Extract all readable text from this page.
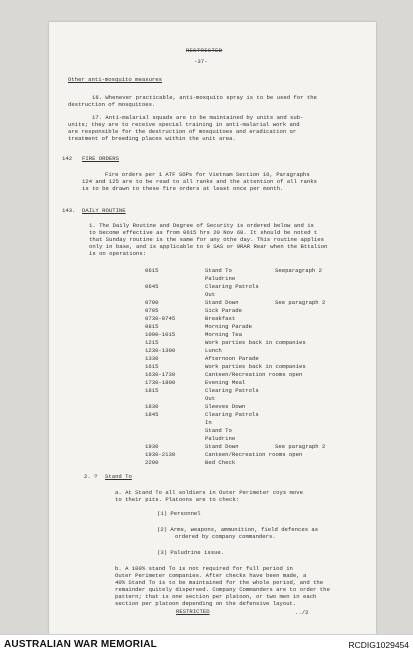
RESTRICTED
-37-
Other anti-mosquito measures
16. Whenever practicable, anti-mosquito spray is to be used for the
destruction of mosquitoes.
17. Anti-malarial squads are to be maintained by units and sub-
units; they are to receive special training in anti-malarial work and
are responsible for the destruction of mosquitoes and eradication or
treatment of breeding places within the unit area.
142 FIRE ORDERS
Fire orders per 1 ATF SOPs for Vietnam Section 10, Paragraphs
124 and 125 are to be read to all ranks and the attention of all ranks
is to be drawn to these fire orders at least once per month.
143. DAILY ROUTINE
1. The Daily Routine and Degree of Security is ordered below and is
to become effective as from 0615 hrs 20 Nov 68. It should be noted t
that Sunday routine is the same for any othe day. This routine applies
only in base, and is applicable to 9 SAS or 9RAR Rear when the Bttalion
is on operations:
0615	Stand To	Seeparagraph 2
Paludrine
0645	Clearing Patrols
Out
0700	Stand Down	See paragraph 2
0705	Sick Parade
0730-0745	Breakfast
0815	Morning Parade
1000-1015	Morning Tea
1215	Work parties back in companies
1230-1300	Lunch
1330	Afternoon Parade
1615	Work parties back in companies
1630-1730	Canteen/Recreation rooms open
1730-1800	Evening Meal
1815	Clearing Patrols
Out
1830	Sleeves Down
1845	Clearing Patrols
In
Stand To
Paludrine
1930	Stand Down	See paragraph 2
1930-2130	Canteen/Recreation rooms open
2200	Bed Check
2. ? Stand To
a. At Stand To all soldiers in Outer Perimeter coys move
to their pits. Platoons are to check:
(1) Personnel
(2) Arms, weapons, ammunition, field defences as
ordered by company commanders.
(3) Paludrine issue.
b. A 100% stand To is not required for full period in
Outer Perimeter companies. After checks have been made, a
40% Stand To is to be maintained for the whole period, and the
remainder quitely dispersed. Company Commanders are to order the
pattern; that is one section per platoon, or two men in each
section per platoon depending on the defensive layout.
RESTRICTED	../2
AUSTRALIAN WAR MEMORIAL	RCDIG1029454
